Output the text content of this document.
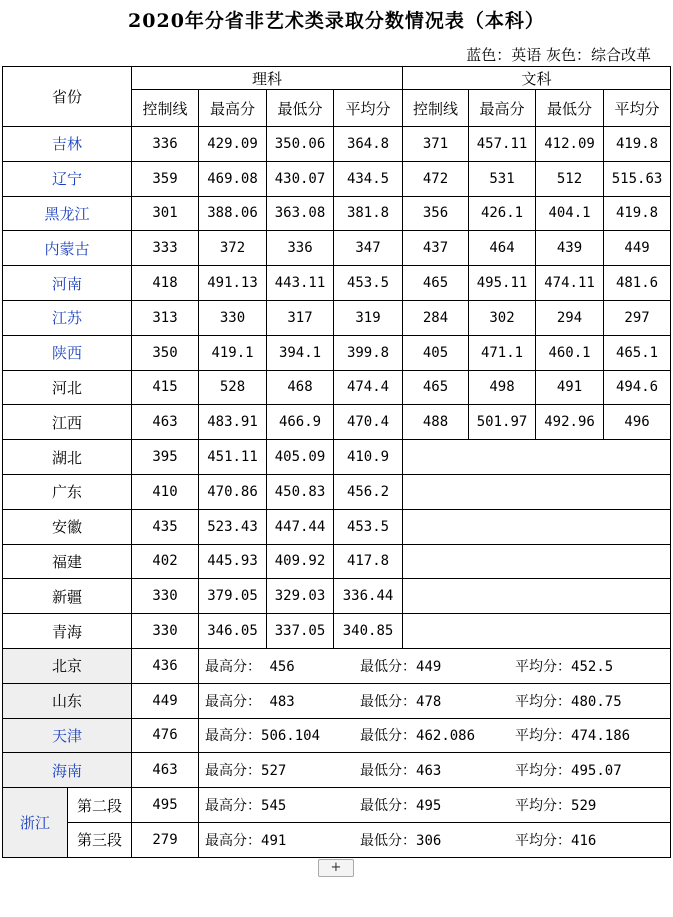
2020年分省非艺术类录取分数情况表（本科）
蓝色：英语 灰色：综合改革
省份		理科				文科			
		控制线	最高分	最低分	平均分	控制线	最高分	最低分	平均分
吉林		336	429.09	350.06	364.8	371	457.11	412.09	419.8
辽宁		359	469.08	430.07	434.5	472	531	512	515.63
黑龙江		301	388.06	363.08	381.8	356	426.1	404.1	419.8
内蒙古		333	372	336	347	437	464	439	449
河南		418	491.13	443.11	453.5	465	495.11	474.11	481.6
江苏		313	330	317	319	284	302	294	297
陕西		350	419.1	394.1	399.8	405	471.1	460.1	465.1
河北		415	528	468	474.4	465	498	491	494.6
江西		463	483.91	466.9	470.4	488	501.97	492.96	496
湖北		395	451.11	405.09	410.9				
广东		410	470.86	450.83	456.2				
安徽		435	523.43	447.44	453.5				
福建		402	445.93	409.92	417.8				
新疆		330	379.05	329.03	336.44				
青海		330	346.05	337.05	340.85				
北京		436	最高分： 456 最低分：449 平均分：452.5						

山东		449	最高分： 483 最低分：478 平均分：480.75						

天津		476	最高分：506.104 最低分：462.086 平均分：474.186						

海南		463	最高分：527 最低分：463 平均分：495.07						

浙江	第二段	495	最高分：545 最低分：495 平均分：529						

	第三段	279	最高分：491 最低分：306 平均分：416						
+
